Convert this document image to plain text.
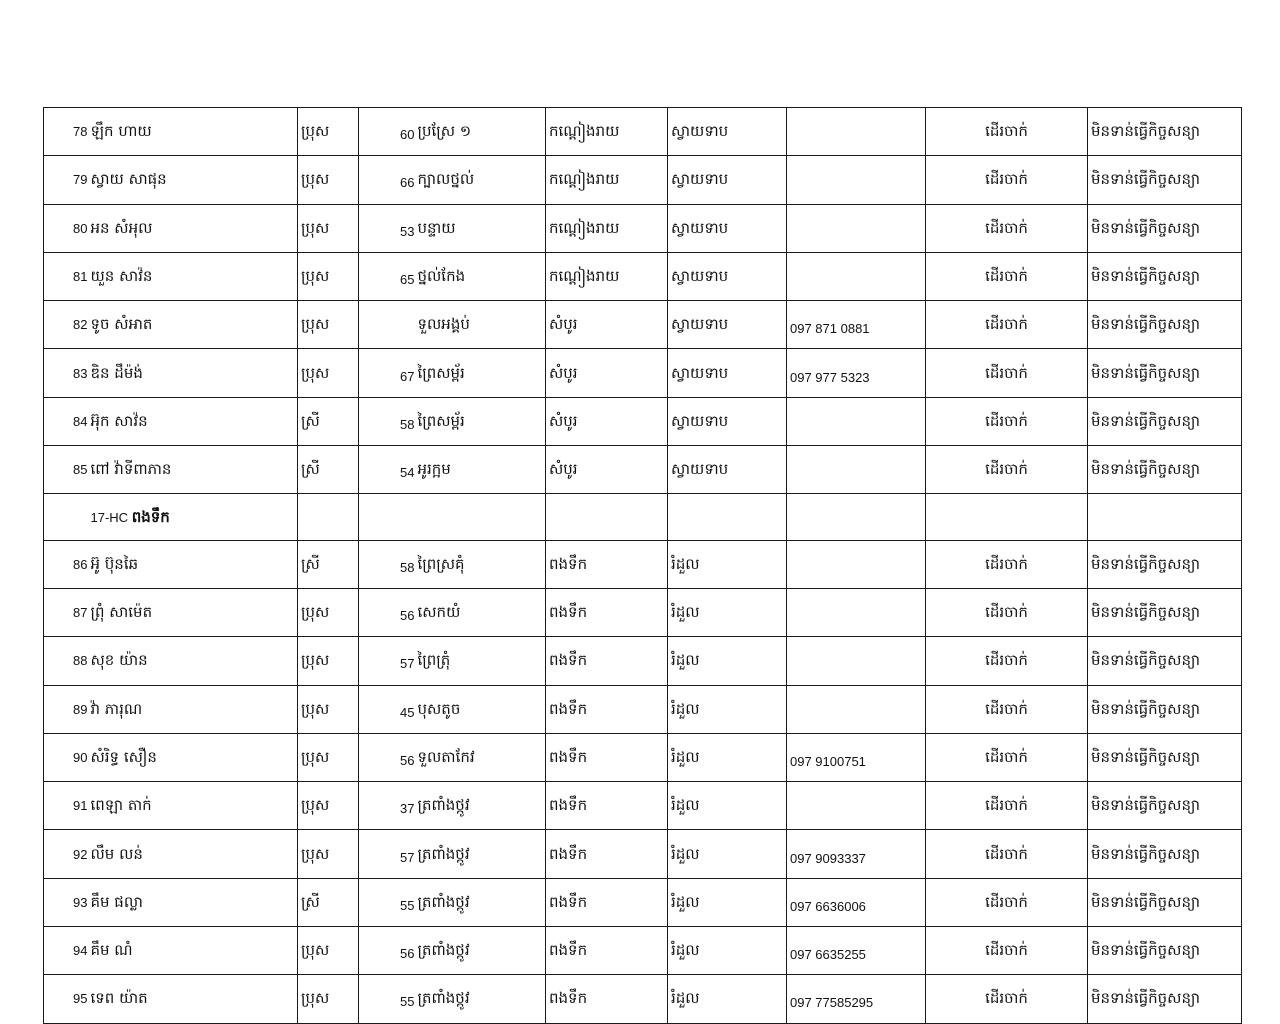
78	ឡឹក ហាយ	ប្រុស	60	ប្រស្រែ ១	កណ្ដៀងរាយ	ស្វាយទាប		ដើរចាក់	មិនទាន់ធ្វើកិច្ចសន្យា
79	ស្វាយ សាផុន	ប្រុស	66	ក្បាលថ្នល់	កណ្ដៀងរាយ	ស្វាយទាប		ដើរចាក់	មិនទាន់ធ្វើកិច្ចសន្យា
80	អន សំអុល	ប្រុស	53	បន្ទាយ	កណ្ដៀងរាយ	ស្វាយទាប		ដើរចាក់	មិនទាន់ធ្វើកិច្ចសន្យា
81	យួន សាវ៉ន	ប្រុស	65	ថ្នល់កែង	កណ្ដៀងរាយ	ស្វាយទាប		ដើរចាក់	មិនទាន់ធ្វើកិច្ចសន្យា
82	ទូច សំអាត	ប្រុស		ទួលអង្គប់	សំបូរ	ស្វាយទាប	097 871 0881	ដើរចាក់	មិនទាន់ធ្វើកិច្ចសន្យា
83	ឌិន ដឹម៉ង់	ប្រុស	67	ព្រៃសម្ព័រ	សំបូរ	ស្វាយទាប	097 977 5323	ដើរចាក់	មិនទាន់ធ្វើកិច្ចសន្យា
84	អ៊ុក សាវ៉ន	ស្រី	58	ព្រៃសម្ព័រ	សំបូរ	ស្វាយទាប		ដើរចាក់	មិនទាន់ធ្វើកិច្ចសន្យា
85	ពៅ វ៉ាទីពាភាន	ស្រី	54	អូរក្អម	សំបូរ	ស្វាយទាប		ដើរចាក់	មិនទាន់ធ្វើកិច្ចសន្យា
	17-HC ពងទឹក								
86	អ៊ូ ប៊ុនឆៃ	ស្រី	58	ព្រៃស្រគុំ	ពងទឹក	រំដួល		ដើរចាក់	មិនទាន់ធ្វើកិច្ចសន្យា
87	ព្រុំ សាម៉េត	ប្រុស	56	សេកយំ	ពងទឹក	រំដួល		ដើរចាក់	មិនទាន់ធ្វើកិច្ចសន្យា
88	សុខ យ៉ាន	ប្រុស	57	ព្រៃត្រុំ	ពងទឹក	រំដួល		ដើរចាក់	មិនទាន់ធ្វើកិច្ចសន្យា
89	វ៉ា ភារុណ	ប្រុស	45	បុសតូច	ពងទឹក	រំដួល		ដើរចាក់	មិនទាន់ធ្វើកិច្ចសន្យា
90	សំរិទ្ធ សឿន	ប្រុស	56	ទួលតាកែវ	ពងទឹក	រំដួល	097 9100751	ដើរចាក់	មិនទាន់ធ្វើកិច្ចសន្យា
91	ពេឡា តាក់	ប្រុស	37	ត្រពាំងថ្កូវ	ពងទឹក	រំដួល		ដើរចាក់	មិនទាន់ធ្វើកិច្ចសន្យា
92	លឹម លន់	ប្រុស	57	ត្រពាំងថ្កូវ	ពងទឹក	រំដួល	097 9093337	ដើរចាក់	មិនទាន់ធ្វើកិច្ចសន្យា
93	គឹម ផល្លា	ស្រី	55	ត្រពាំងថ្កូវ	ពងទឹក	រំដួល	097 6636006	ដើរចាក់	មិនទាន់ធ្វើកិច្ចសន្យា
94	គឹម ណំ	ប្រុស	56	ត្រពាំងថ្កូវ	ពងទឹក	រំដួល	097 6635255	ដើរចាក់	មិនទាន់ធ្វើកិច្ចសន្យា
95	ទេព យ៉ាត	ប្រុស	55	ត្រពាំងថ្កូវ	ពងទឹក	រំដួល	097 77585295	ដើរចាក់	មិនទាន់ធ្វើកិច្ចសន្យា
